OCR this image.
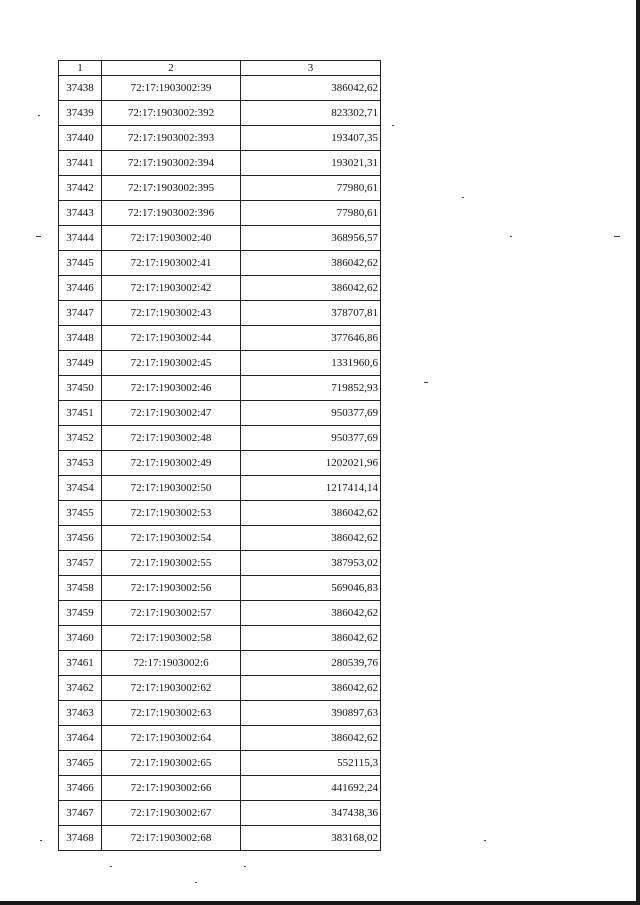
1	2	3
37438	72:17:1903002:39	386042,62
37439	72:17:1903002:392	823302,71
37440	72:17:1903002:393	193407,35
37441	72:17:1903002:394	193021,31
37442	72:17:1903002:395	77980,61
37443	72:17:1903002:396	77980,61
37444	72:17:1903002:40	368956,57
37445	72:17:1903002:41	386042,62
37446	72:17:1903002:42	386042,62
37447	72:17:1903002:43	378707,81
37448	72:17:1903002:44	377646,86
37449	72:17:1903002:45	1331960,6
37450	72:17:1903002:46	719852,93
37451	72:17:1903002:47	950377,69
37452	72:17:1903002:48	950377,69
37453	72:17:1903002:49	1202021,96
37454	72:17:1903002:50	1217414,14
37455	72:17:1903002:53	386042,62
37456	72:17:1903002:54	386042,62
37457	72:17:1903002:55	387953,02
37458	72:17:1903002:56	569046,83
37459	72:17:1903002:57	386042,62
37460	72:17:1903002:58	386042,62
37461	72:17:1903002:6	280539,76
37462	72:17:1903002:62	386042,62
37463	72:17:1903002:63	390897,63
37464	72:17:1903002:64	386042,62
37465	72:17:1903002:65	552115,3
37466	72:17:1903002:66	441692,24
37467	72:17:1903002:67	347438,36
37468	72:17:1903002:68	383168,02
